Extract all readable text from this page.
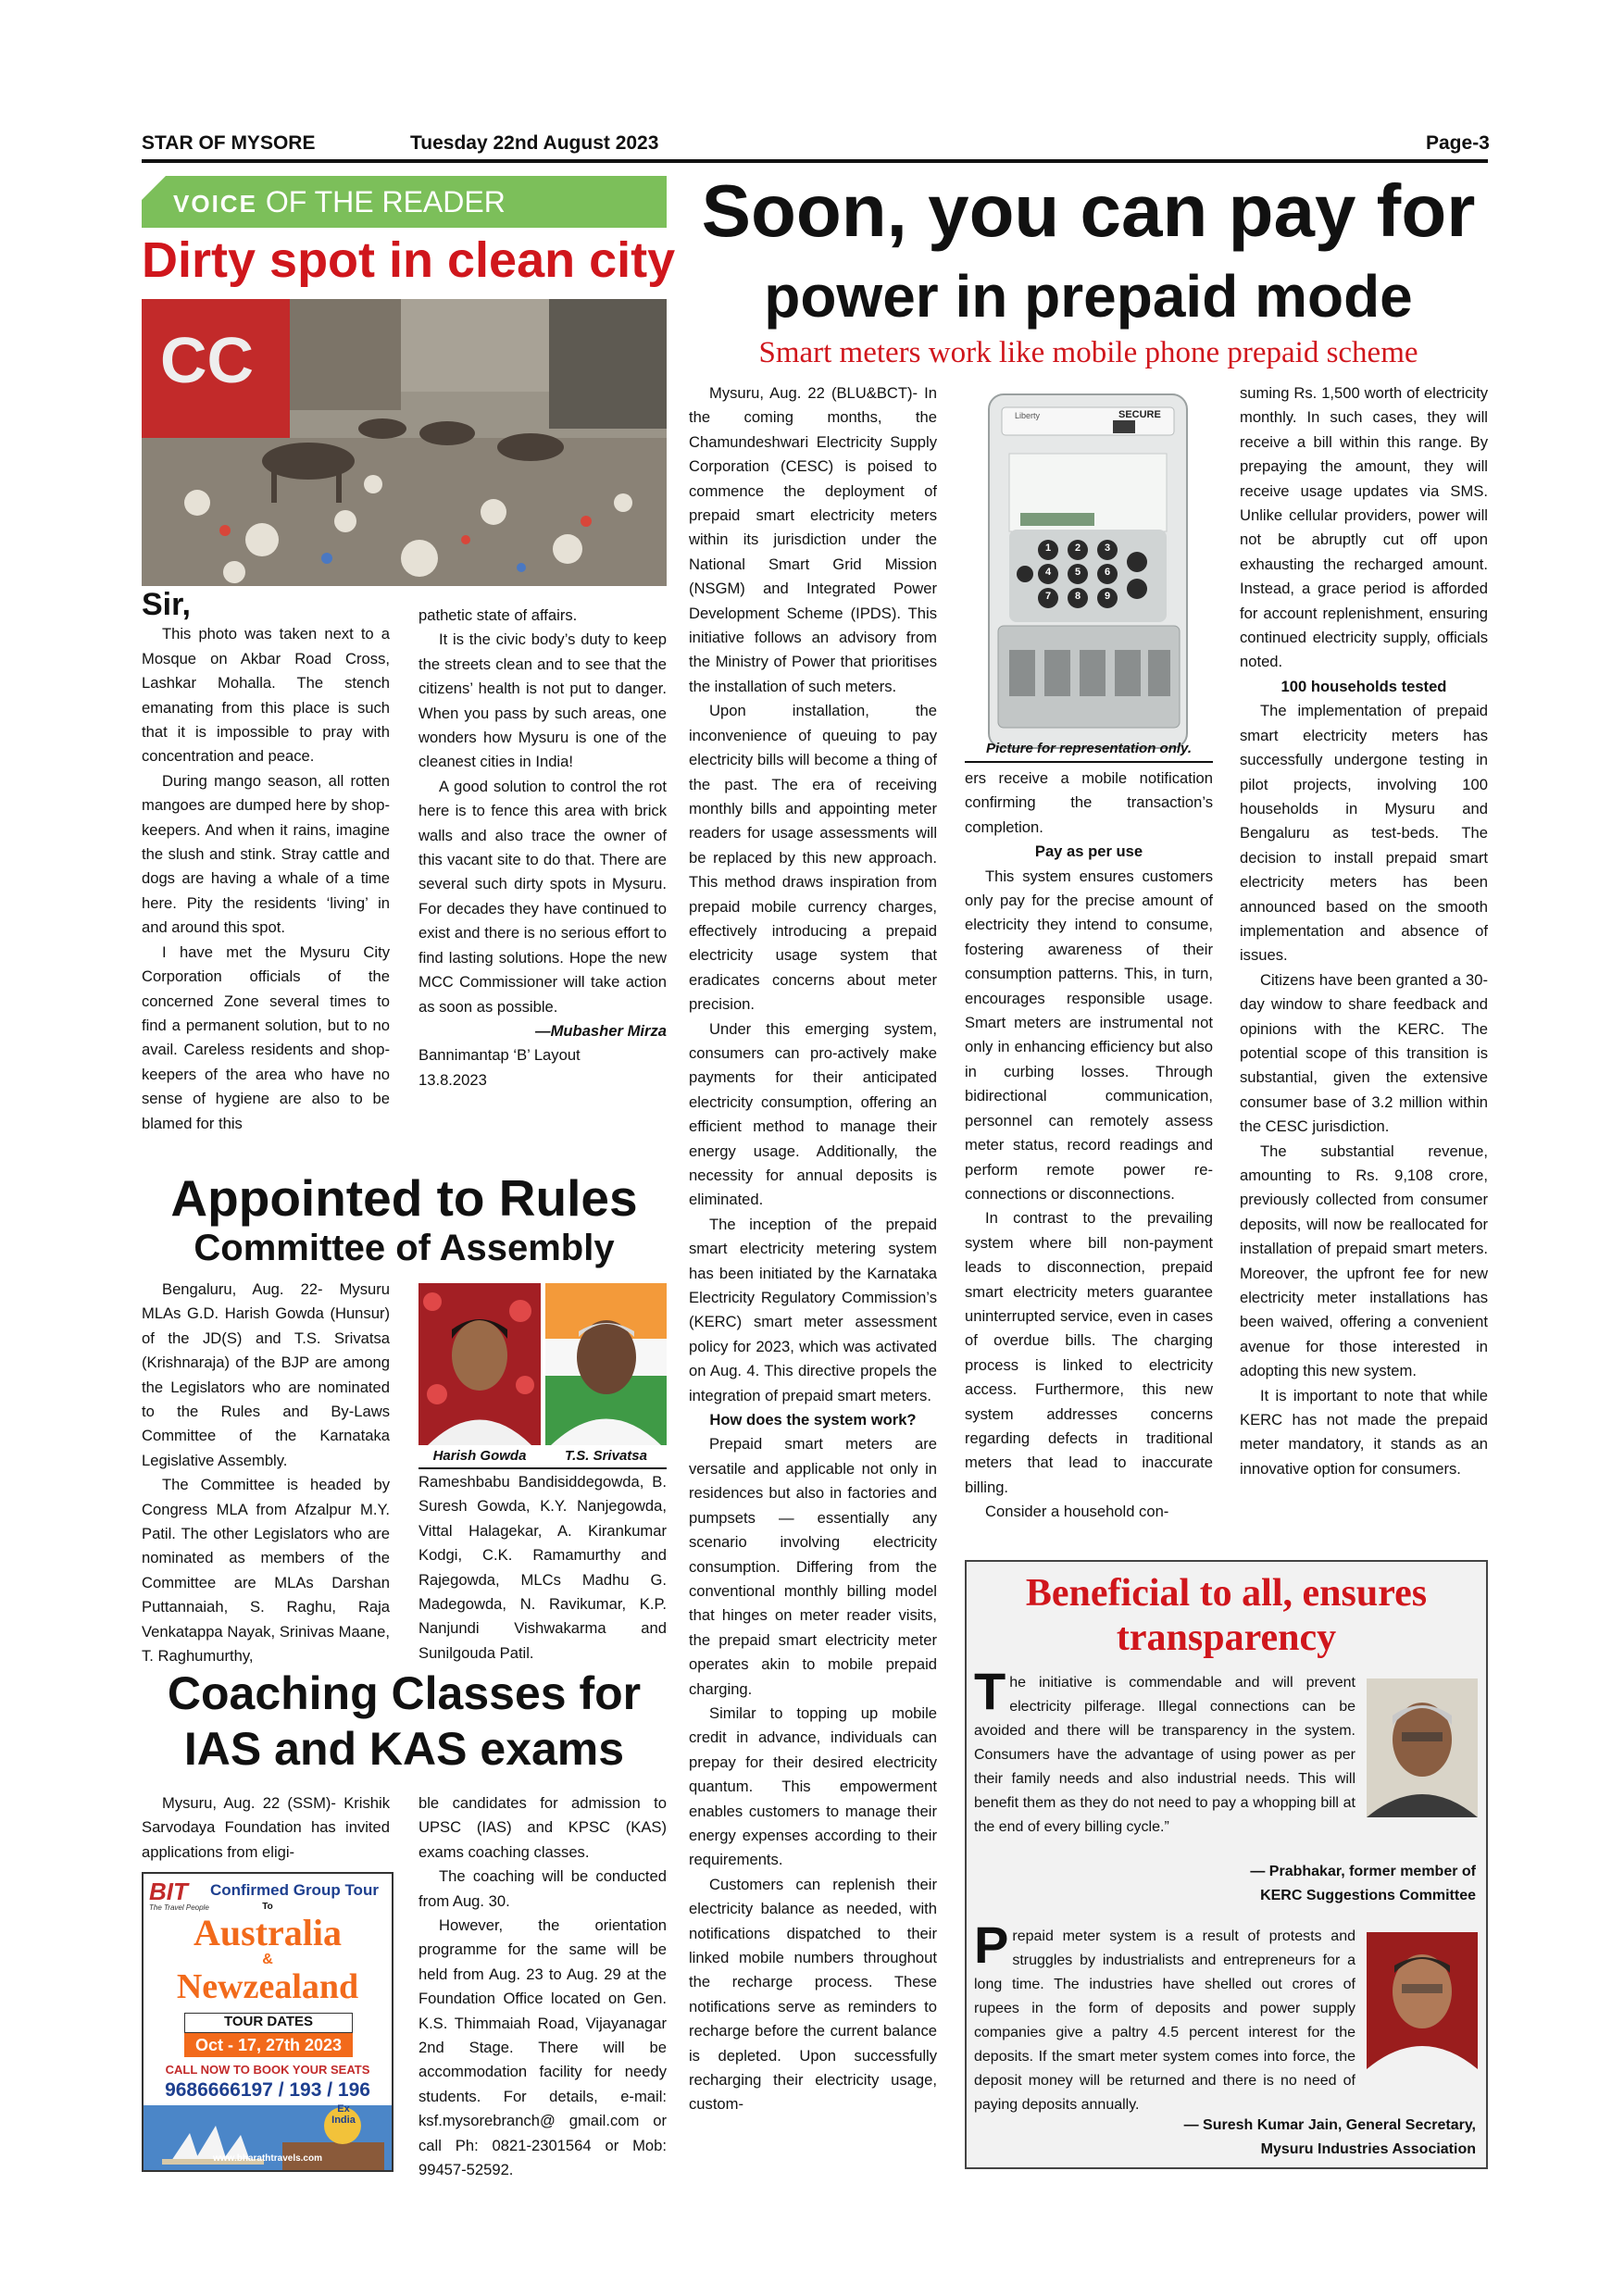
STAR OF MYSORE	Tuesday 22nd August 2023	Page-3
VOICE OF THE READER
Dirty spot in clean city
CC

Sir,

This photo was taken next to a Mosque on Akbar Road Cross, Lashkar Mohalla. The stench emanating from this place is such that it is impossible to pray with concentration and peace.

During mango season, all rotten mangoes are dumped here by shop-keepers. And when it rains, imagine the slush and stink. Stray cattle and dogs are having a whale of a time here. Pity the residents ‘living’ in and around this spot.

I have met the Mysuru City Corporation officials of the concerned Zone several times to find a permanent solution, but to no avail. Careless residents and shop-keepers of the area who have no sense of hygiene are also to be blamed for this

pathetic state of affairs.

It is the civic body’s duty to keep the streets clean and to see that the citizens’ health is not put to danger. When you pass by such areas, one wonders how Mysuru is one of the cleanest cities in India!

A good solution to control the rot here is to fence this area with brick walls and also trace the owner of this vacant site to do that. There are several such dirty spots in Mysuru. For decades they have continued to exist and there is no serious effort to find lasting solutions. Hope the new MCC Commissioner will take action as soon as possible.

—Mubasher Mirza

Bannimantap ‘B’ Layout

13.8.2023

Appointed to Rules
Committee of Assembly

Bengaluru, Aug. 22- Mysuru MLAs G.D. Harish Gowda (Hunsur) of the JD(S) and T.S. Srivatsa (Krishnaraja) of the BJP are among the Legislators who are nominated to the Rules and By-Laws Committee of the Karnataka Legislative Assembly.

The Committee is headed by Congress MLA from Afzalpur M.Y. Patil. The other Legislators who are nominated as members of the Committee are MLAs Darshan Puttannaiah, S. Raghu, Raja Venkatappa Nayak, Srinivas Maane, T. Raghumurthy,

Harish Gowda	T.S. Srivatsa

Rameshbabu Bandisiddegowda, B. Suresh Gowda, K.Y. Nanjegowda, Vittal Halagekar, A. Kirankumar Kodgi, C.K. Ramamurthy and Rajegowda, MLCs Madhu G. Madegowda, N. Ravikumar, K.P. Nanjundi Vishwakarma and Sunilgouda Patil.

Coaching Classes for
IAS and KAS exams

Mysuru, Aug. 22 (SSM)- Krishik Sarvodaya Foundation has invited applications from eligi-

BIT
The Travel People
Confirmed Group Tour
To
Australia
&
Newzealand
TOUR DATES
Oct - 17, 27th 2023
CALL NOW TO BOOK YOUR SEATS
9686666197 / 193 / 196
Ex India
www.bharathtravels.com

ble candidates for admission to UPSC (IAS) and KPSC (KAS) exams coaching classes.

The coaching will be conducted from Aug. 30.

However, the orientation programme for the same will be held from Aug. 23 to Aug. 29 at the Foundation Office located on Gen. K.S. Thimmaiah Road, Vijayanagar 2nd Stage. There will be accommodation facility for needy students. For details, e-mail: ksf.mysorebranch@ gmail.com or call Ph: 0821-2301564 or Mob: 99457-52592.

Soon, you can pay for
power in prepaid mode
Smart meters work like mobile phone prepaid scheme

Mysuru, Aug. 22 (BLU&BCT)- In the coming months, the Chamundeshwari Electricity Supply Corporation (CESC) is poised to commence the deployment of prepaid smart electricity meters within its jurisdiction under the National Smart Grid Mission (NSGM) and Integrated Power Development Scheme (IPDS). This initiative follows an advisory from the Ministry of Power that prioritises the installation of such meters.

Upon installation, the inconvenience of queuing to pay electricity bills will become a thing of the past. The era of receiving monthly bills and appointing meter readers for usage assessments will be replaced by this new approach. This method draws inspiration from prepaid mobile currency charges, effectively introducing a prepaid electricity usage system that eradicates concerns about meter precision.

Under this emerging system, consumers can pro-actively make payments for their anticipated electricity consumption, offering an efficient method to manage their energy usage. Additionally, the necessity for annual deposits is eliminated.

The inception of the prepaid smart electricity metering system has been initiated by the Karnataka Electricity Regulatory Commission’s (KERC) smart meter assessment policy for 2023, which was activated on Aug. 4. This directive propels the integration of prepaid smart meters.

How does the system work?

Prepaid smart meters are versatile and applicable not only in residences but also in factories and pumpsets — essentially any scenario involving electricity consumption. Differing from the conventional monthly billing model that hinges on meter reader visits, the prepaid smart electricity meter operates akin to mobile prepaid charging.

Similar to topping up mobile credit in advance, individuals can prepay for their desired electricity quantum. This empowerment enables customers to manage their energy expenses according to their requirements.

Customers can replenish their electricity balance as needed, with notifications dispatched to their linked mobile numbers throughout the recharge process. These notifications serve as reminders to recharge before the current balance is depleted. Upon successfully recharging their electricity usage, custom-

SECURE
Liberty
1 2 3
4 5 6
7 8 9
Picture for representation only.

ers receive a mobile notification confirming the transaction’s completion.

Pay as per use

This system ensures customers only pay for the precise amount of electricity they intend to consume, fostering awareness of their consumption patterns. This, in turn, encourages responsible usage. Smart meters are instrumental not only in enhancing efficiency but also in curbing losses. Through bidirectional communication, personnel can remotely assess meter status, record readings and perform remote power re-connections or disconnections.

In contrast to the prevailing system where bill non-payment leads to disconnection, prepaid smart electricity meters guarantee uninterrupted service, even in cases of overdue bills. The charging process is linked to electricity access. Furthermore, this new system addresses concerns regarding defects in traditional meters that lead to inaccurate billing.

Consider a household con-

suming Rs. 1,500 worth of electricity monthly. In such cases, they will receive a bill within this range. By prepaying the amount, they will receive usage updates via SMS. Unlike cellular providers, power will not be abruptly cut off upon exhausting the recharged amount. Instead, a grace period is afforded for account replenishment, ensuring continued electricity supply, officials noted.

100 households tested

The implementation of prepaid smart electricity meters has successfully undergone testing in pilot projects, involving 100 households in Mysuru and Bengaluru as test-beds. The decision to install prepaid smart electricity meters has been announced based on the smooth implementation and absence of issues.

Citizens have been granted a 30-day window to share feedback and opinions with the KERC. The potential scope of this transition is substantial, given the extensive consumer base of 3.2 million within the CESC jurisdiction.

The substantial revenue, amounting to Rs. 9,108 crore, previously collected from consumer deposits, will now be reallocated for installation of prepaid smart meters. Moreover, the upfront fee for new electricity meter installations has been waived, offering a convenient avenue for those interested in adopting this new system.

It is important to note that while KERC has not made the prepaid meter mandatory, it stands as an innovative option for consumers.

Beneficial to all, ensures
transparency

The initiative is commendable and will prevent electricity pilferage. Illegal connections can be avoided and there will be transparency in the system. Consumers have the advantage of using power as per their family needs and also industrial needs. This will benefit them as they do not need to pay a whopping bill at the end of every billing cycle.”

— Prabhakar, former member of
KERC Suggestions Committee

Prepaid meter system is a result of protests and struggles by industrialists and entrepreneurs for a long time. The industries have shelled out crores of rupees in the form of deposits and power supply companies give a paltry 4.5 percent interest for the deposits. If the smart meter system comes into force, the deposit money will be returned and there is no need of paying deposits annually.

— Suresh Kumar Jain, General Secretary,
Mysuru Industries Association
